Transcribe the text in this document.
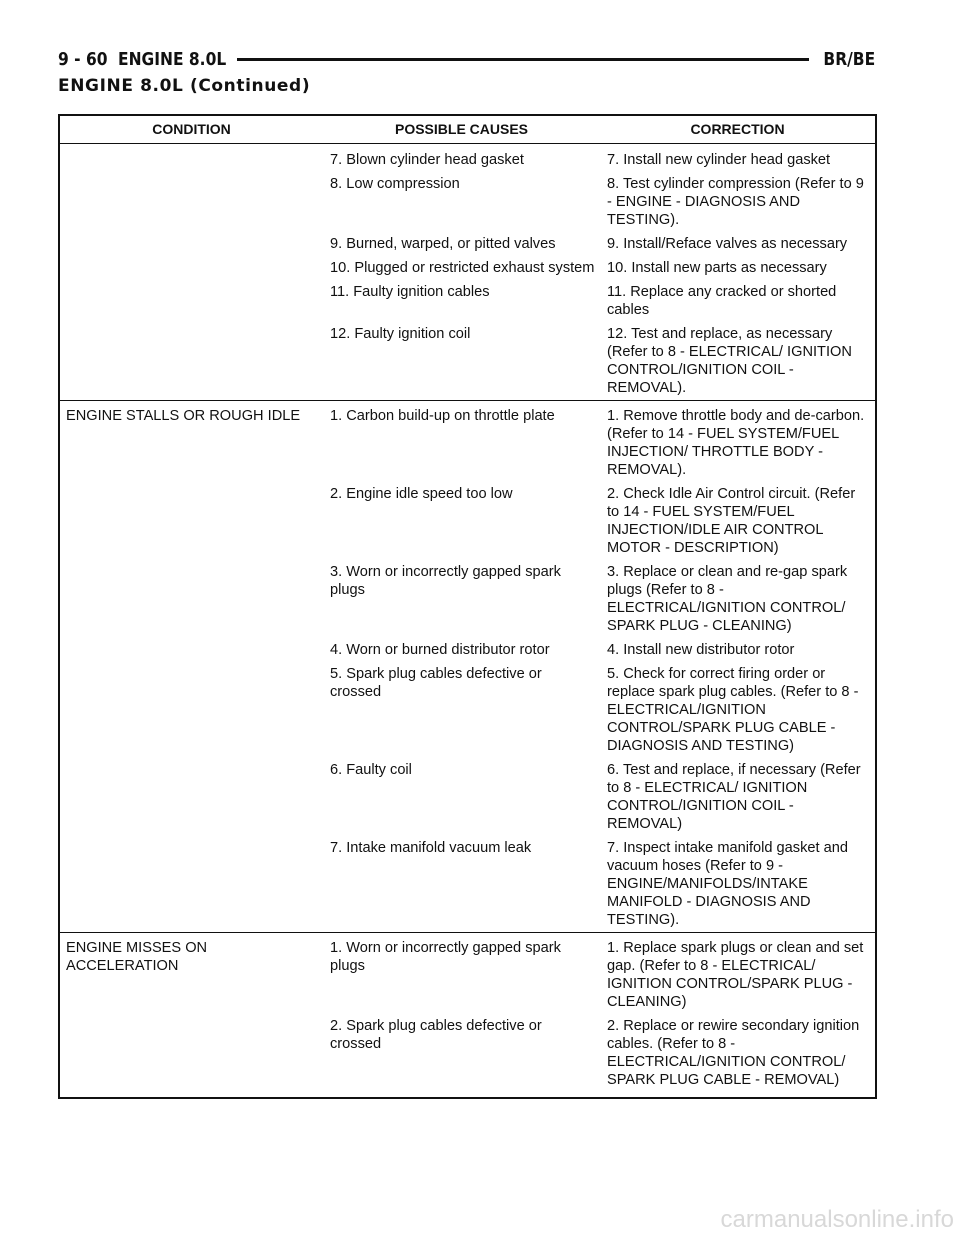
9 - 60 ENGINE 8.0L	BR/BE
ENGINE 8.0L (Continued)
CONDITION	POSSIBLE CAUSES	CORRECTION
	7. Blown cylinder head gasket	7. Install new cylinder head gasket
	8. Low compression	8. Test cylinder compression (Refer to 9 - ENGINE - DIAGNOSIS AND TESTING).
	9. Burned, warped, or pitted valves	9. Install/Reface valves as necessary
	10. Plugged or restricted exhaust system	10. Install new parts as necessary
	11. Faulty ignition cables	11. Replace any cracked or shorted cables
	12. Faulty ignition coil	12. Test and replace, as necessary (Refer to 8 - ELECTRICAL/ IGNITION CONTROL/IGNITION COIL - REMOVAL).
ENGINE STALLS OR ROUGH IDLE	1. Carbon build-up on throttle plate	1. Remove throttle body and de-carbon. (Refer to 14 - FUEL SYSTEM/FUEL INJECTION/ THROTTLE BODY - REMOVAL).
	2. Engine idle speed too low	2. Check Idle Air Control circuit. (Refer to 14 - FUEL SYSTEM/FUEL INJECTION/IDLE AIR CONTROL MOTOR - DESCRIPTION)
	3. Worn or incorrectly gapped spark plugs	3. Replace or clean and re-gap spark plugs (Refer to 8 - ELECTRICAL/IGNITION CONTROL/ SPARK PLUG - CLEANING)
	4. Worn or burned distributor rotor	4. Install new distributor rotor
	5. Spark plug cables defective or crossed	5. Check for correct firing order or replace spark plug cables. (Refer to 8 - ELECTRICAL/IGNITION CONTROL/SPARK PLUG CABLE - DIAGNOSIS AND TESTING)
	6. Faulty coil	6. Test and replace, if necessary (Refer to 8 - ELECTRICAL/ IGNITION CONTROL/IGNITION COIL - REMOVAL)
	7. Intake manifold vacuum leak	7. Inspect intake manifold gasket and vacuum hoses (Refer to 9 - ENGINE/MANIFOLDS/INTAKE MANIFOLD - DIAGNOSIS AND TESTING).
ENGINE MISSES ON ACCELERATION	1. Worn or incorrectly gapped spark plugs	1. Replace spark plugs or clean and set gap. (Refer to 8 - ELECTRICAL/ IGNITION CONTROL/SPARK PLUG - CLEANING)
	2. Spark plug cables defective or crossed	2. Replace or rewire secondary ignition cables. (Refer to 8 - ELECTRICAL/IGNITION CONTROL/ SPARK PLUG CABLE - REMOVAL)
carmanualsonline.info
